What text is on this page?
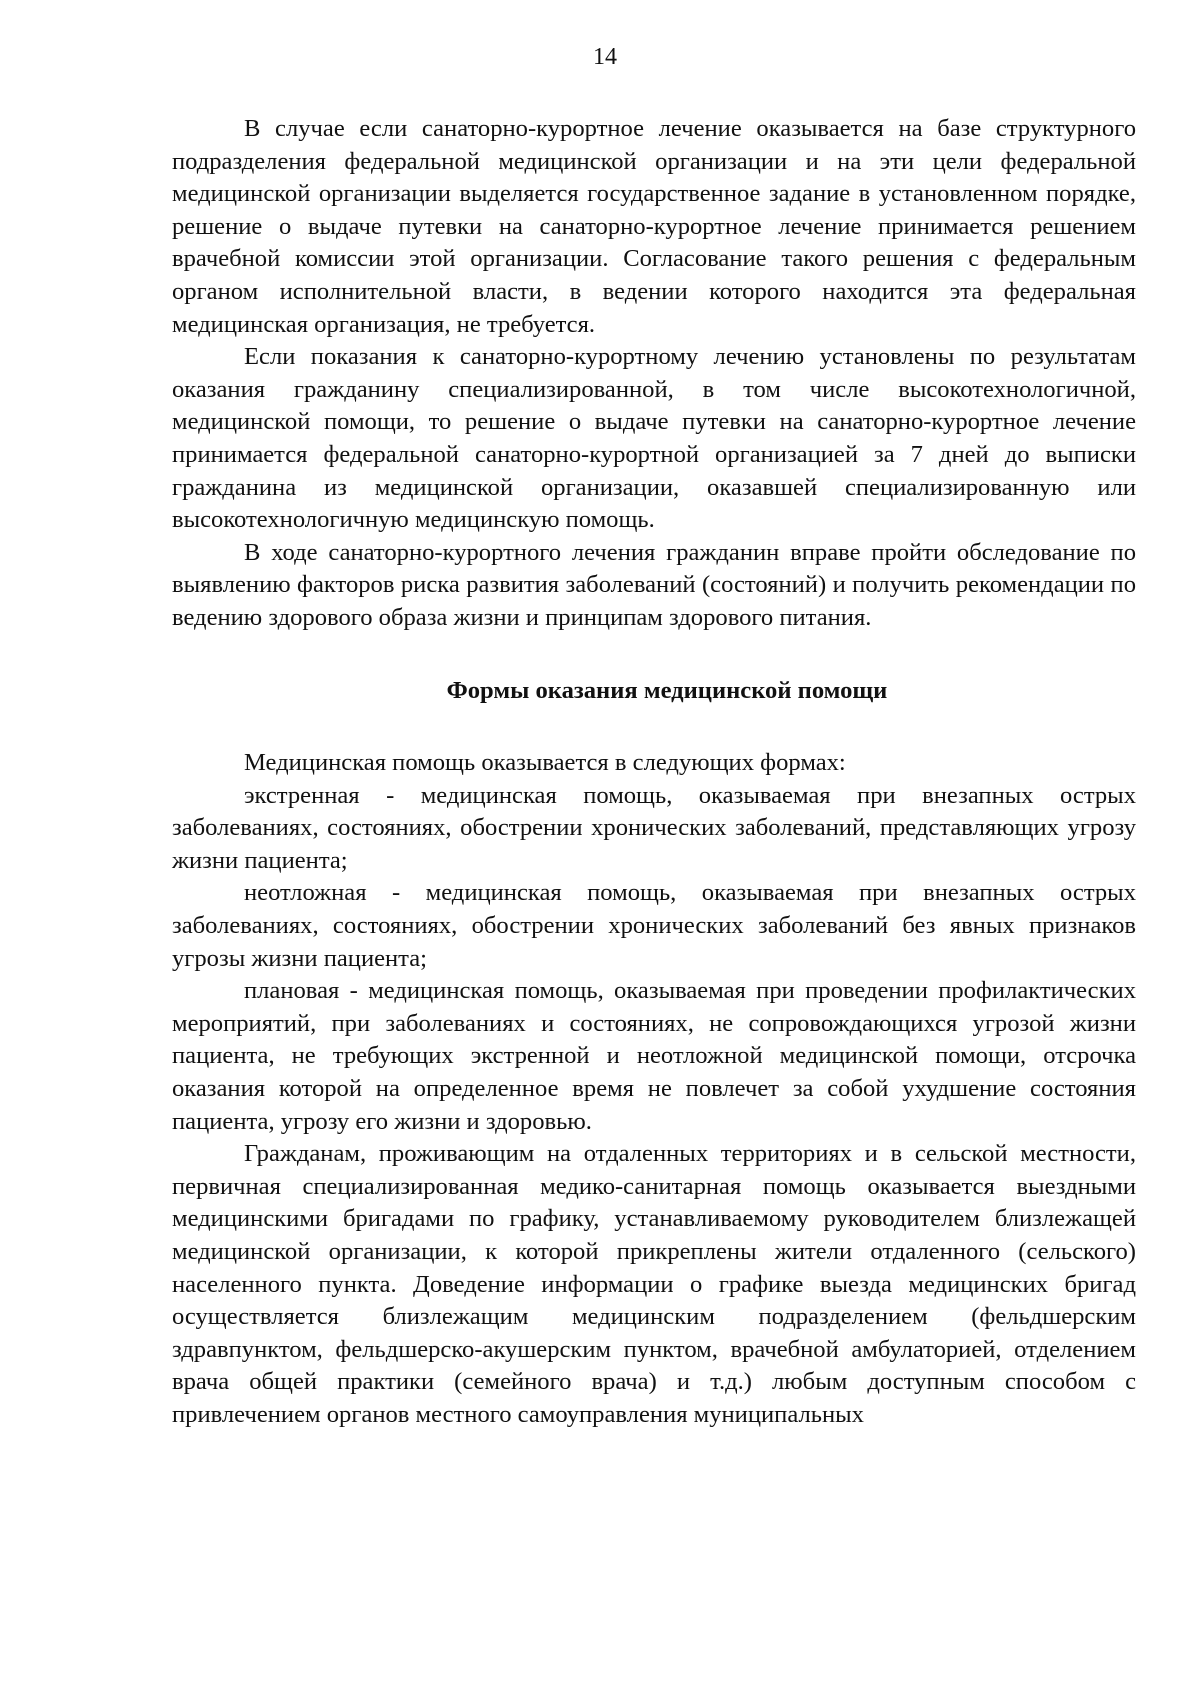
14

В случае если санаторно-курортное лечение оказывается на базе структурного подразделения федеральной медицинской организации и на эти цели федеральной медицинской организации выделяется государственное задание в установленном порядке, решение о выдаче путевки на санаторно-курортное лечение принимается решением врачебной комиссии этой организации. Согласование такого решения с федеральным органом исполнительной власти, в ведении которого находится эта федеральная медицинская организация, не требуется.

Если показания к санаторно-курортному лечению установлены по результатам оказания гражданину специализированной, в том числе высокотехнологичной, медицинской помощи, то решение о выдаче путевки на санаторно-курортное лечение принимается федеральной санаторно-курортной организацией за 7 дней до выписки гражданина из медицинской организации, оказавшей специализированную или высокотехнологичную медицинскую помощь.

В ходе санаторно-курортного лечения гражданин вправе пройти обследование по выявлению факторов риска развития заболеваний (состояний) и получить рекомендации по ведению здорового образа жизни и принципам здорового питания.

Формы оказания медицинской помощи

Медицинская помощь оказывается в следующих формах:

экстренная - медицинская помощь, оказываемая при внезапных острых заболеваниях, состояниях, обострении хронических заболеваний, представляющих угрозу жизни пациента;

неотложная - медицинская помощь, оказываемая при внезапных острых заболеваниях, состояниях, обострении хронических заболеваний без явных признаков угрозы жизни пациента;

плановая - медицинская помощь, оказываемая при проведении профилактических мероприятий, при заболеваниях и состояниях, не сопровождающихся угрозой жизни пациента, не требующих экстренной и неотложной медицинской помощи, отсрочка оказания которой на определенное время не повлечет за собой ухудшение состояния пациента, угрозу его жизни и здоровью.

Гражданам, проживающим на отдаленных территориях и в сельской местности, первичная специализированная медико-санитарная помощь оказывается выездными медицинскими бригадами по графику, устанавливаемому руководителем близлежащей медицинской организации, к которой прикреплены жители отдаленного (сельского) населенного пункта. Доведение информации о графике выезда медицинских бригад осуществляется близлежащим медицинским подразделением (фельдшерским здравпунктом, фельдшерско-акушерским пунктом, врачебной амбулаторией, отделением врача общей практики (семейного врача) и т.д.) любым доступным способом с привлечением органов местного самоуправления муниципальных
